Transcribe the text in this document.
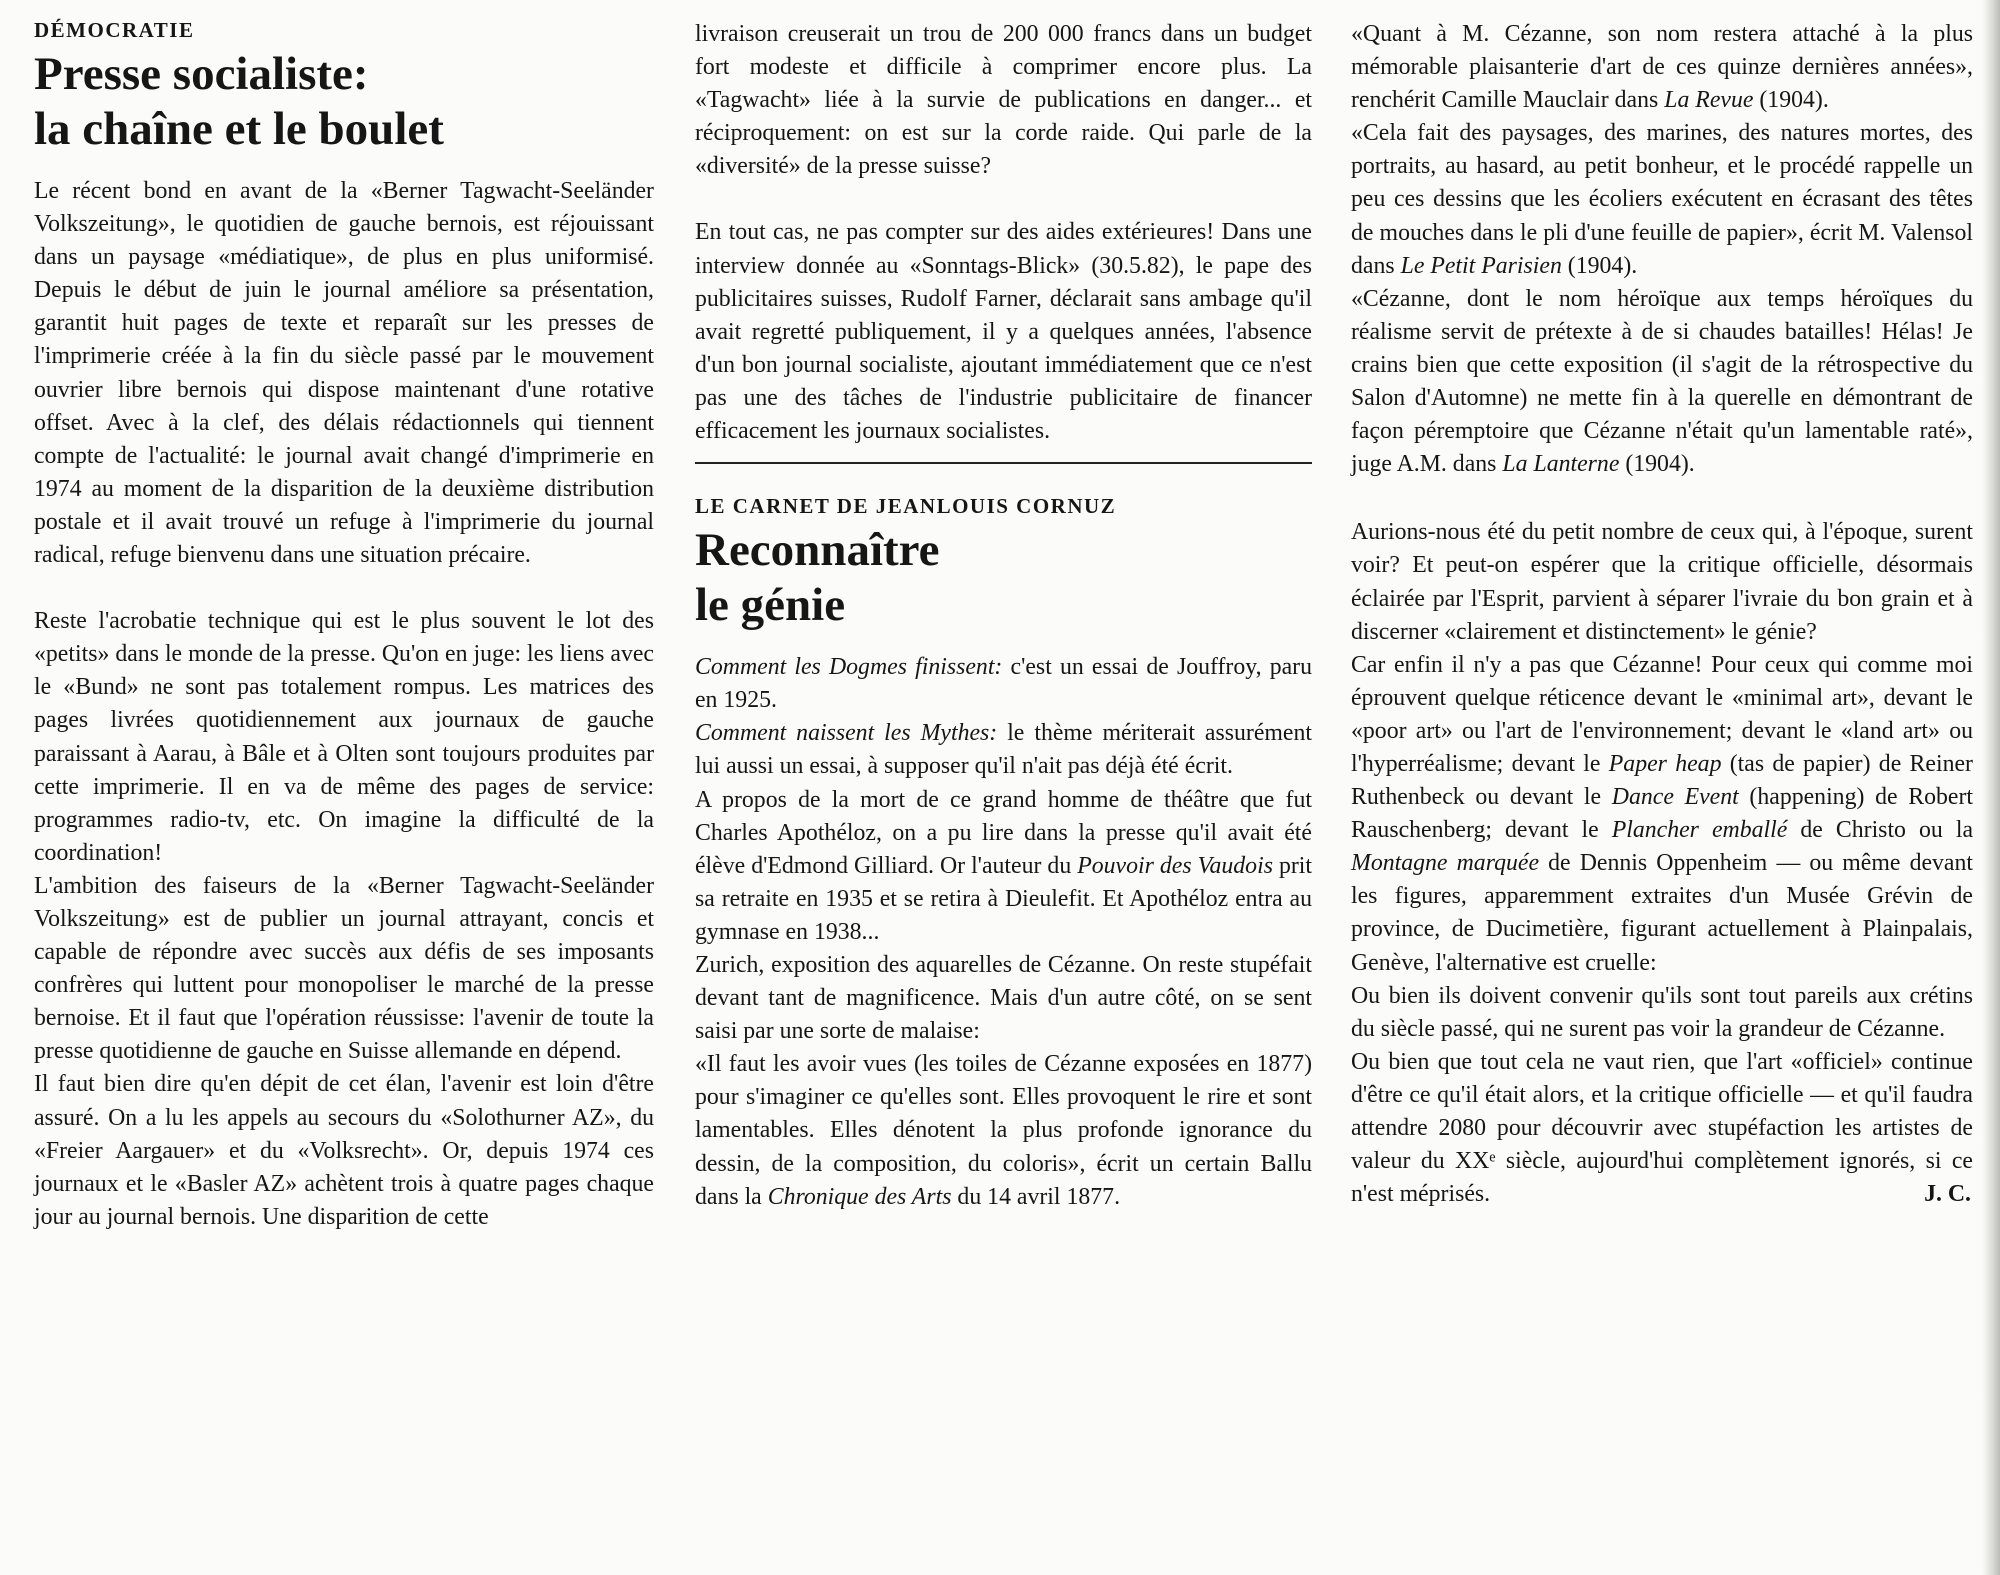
DÉMOCRATIE
Presse socialiste:
la chaîne et le boulet

Le récent bond en avant de la «Berner Tagwacht-Seeländer Volkszeitung», le quotidien de gauche bernois, est réjouissant dans un paysage «médiatique», de plus en plus uniformisé. Depuis le début de juin le journal améliore sa présentation, garantit huit pages de texte et reparaît sur les presses de l'imprimerie créée à la fin du siècle passé par le mouvement ouvrier libre bernois qui dispose maintenant d'une rotative offset. Avec à la clef, des délais rédactionnels qui tiennent compte de l'actualité: le journal avait changé d'imprimerie en 1974 au moment de la disparition de la deuxième distribution postale et il avait trouvé un refuge à l'imprimerie du journal radical, refuge bienvenu dans une situation précaire.

Reste l'acrobatie technique qui est le plus souvent le lot des «petits» dans le monde de la presse. Qu'on en juge: les liens avec le «Bund» ne sont pas totalement rompus. Les matrices des pages livrées quotidiennement aux journaux de gauche paraissant à Aarau, à Bâle et à Olten sont toujours produites par cette imprimerie. Il en va de même des pages de service: programmes radio-tv, etc. On imagine la difficulté de la coordination!

L'ambition des faiseurs de la «Berner Tagwacht-Seeländer Volkszeitung» est de publier un journal attrayant, concis et capable de répondre avec succès aux défis de ses imposants confrères qui luttent pour monopoliser le marché de la presse bernoise. Et il faut que l'opération réussisse: l'avenir de toute la presse quotidienne de gauche en Suisse allemande en dépend.

Il faut bien dire qu'en dépit de cet élan, l'avenir est loin d'être assuré. On a lu les appels au secours du «Solothurner AZ», du «Freier Aargauer» et du «Volksrecht». Or, depuis 1974 ces journaux et le «Basler AZ» achètent trois à quatre pages chaque jour au journal bernois. Une disparition de cette

livraison creuserait un trou de 200 000 francs dans un budget fort modeste et difficile à comprimer encore plus. La «Tagwacht» liée à la survie de publications en danger... et réciproquement: on est sur la corde raide. Qui parle de la «diversité» de la presse suisse?

En tout cas, ne pas compter sur des aides extérieures! Dans une interview donnée au «Sonntags-Blick» (30.5.82), le pape des publicitaires suisses, Rudolf Farner, déclarait sans ambage qu'il avait regretté publiquement, il y a quelques années, l'absence d'un bon journal socialiste, ajoutant immédiatement que ce n'est pas une des tâches de l'industrie publicitaire de financer efficacement les journaux socialistes.

LE CARNET DE JEANLOUIS CORNUZ
Reconnaître
le génie

Comment les Dogmes finissent: c'est un essai de Jouffroy, paru en 1925.

Comment naissent les Mythes: le thème mériterait assurément lui aussi un essai, à supposer qu'il n'ait pas déjà été écrit.

A propos de la mort de ce grand homme de théâtre que fut Charles Apothéloz, on a pu lire dans la presse qu'il avait été élève d'Edmond Gilliard. Or l'auteur du Pouvoir des Vaudois prit sa retraite en 1935 et se retira à Dieulefit. Et Apothéloz entra au gymnase en 1938...

Zurich, exposition des aquarelles de Cézanne. On reste stupéfait devant tant de magnificence. Mais d'un autre côté, on se sent saisi par une sorte de malaise:

«Il faut les avoir vues (les toiles de Cézanne exposées en 1877) pour s'imaginer ce qu'elles sont. Elles provoquent le rire et sont lamentables. Elles dénotent la plus profonde ignorance du dessin, de la composition, du coloris», écrit un certain Ballu dans la Chronique des Arts du 14 avril 1877.

«Quant à M. Cézanne, son nom restera attaché à la plus mémorable plaisanterie d'art de ces quinze dernières années», renchérit Camille Mauclair dans La Revue (1904).

«Cela fait des paysages, des marines, des natures mortes, des portraits, au hasard, au petit bonheur, et le procédé rappelle un peu ces dessins que les écoliers exécutent en écrasant des têtes de mouches dans le pli d'une feuille de papier», écrit M. Valensol dans Le Petit Parisien (1904).

«Cézanne, dont le nom héroïque aux temps héroïques du réalisme servit de prétexte à de si chaudes batailles! Hélas! Je crains bien que cette exposition (il s'agit de la rétrospective du Salon d'Automne) ne mette fin à la querelle en démontrant de façon péremptoire que Cézanne n'était qu'un lamentable raté», juge A.M. dans La Lanterne (1904).

Aurions-nous été du petit nombre de ceux qui, à l'époque, surent voir? Et peut-on espérer que la critique officielle, désormais éclairée par l'Esprit, parvient à séparer l'ivraie du bon grain et à discerner «clairement et distinctement» le génie?

Car enfin il n'y a pas que Cézanne! Pour ceux qui comme moi éprouvent quelque réticence devant le «minimal art», devant le «poor art» ou l'art de l'environnement; devant le «land art» ou l'hyperréalisme; devant le Paper heap (tas de papier) de Reiner Ruthenbeck ou devant le Dance Event (happening) de Robert Rauschenberg; devant le Plancher emballé de Christo ou la Montagne marquée de Dennis Oppenheim — ou même devant les figures, apparemment extraites d'un Musée Grévin de province, de Ducimetière, figurant actuellement à Plainpalais, Genève, l'alternative est cruelle:

Ou bien ils doivent convenir qu'ils sont tout pareils aux crétins du siècle passé, qui ne surent pas voir la grandeur de Cézanne.

Ou bien que tout cela ne vaut rien, que l'art «officiel» continue d'être ce qu'il était alors, et la critique officielle — et qu'il faudra attendre 2080 pour découvrir avec stupéfaction les artistes de valeur du XXᵉ siècle, aujourd'hui complètement ignorés, si ce n'est méprisés.	J. C.
